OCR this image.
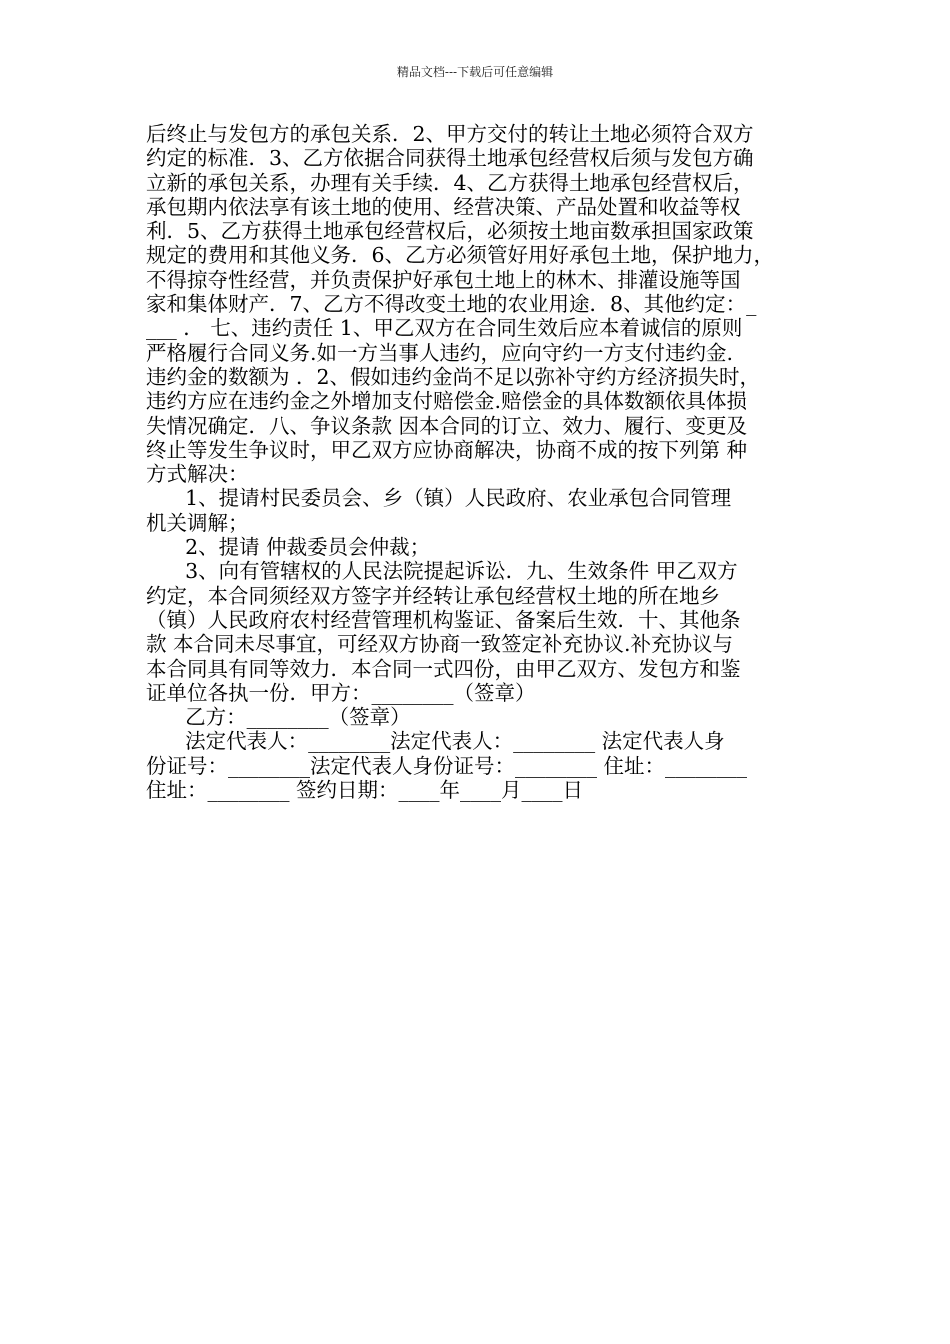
精品文档---下载后可任意编辑
后终止与发包方的承包关系．2、甲方交付的转让土地必须符合双方
约定的标准．3、乙方依据合同获得土地承包经营权后须与发包方确
立新的承包关系，办理有关手续．4、乙方获得土地承包经营权后，
承包期内依法享有该土地的使用、经营决策、产品处置和收益等权
利．5、乙方获得土地承包经营权后，必须按土地亩数承担国家政策
规定的费用和其他义务．6、乙方必须管好用好承包土地，保护地力，
不得掠夺性经营，并负责保护好承包土地上的林木、排灌设施等国
家和集体财产．7、乙方不得改变土地的农业用途．8、其他约定：_
___ ． 七、违约责任 1、甲乙双方在合同生效后应本着诚信的原则
严格履行合同义务.如一方当事人违约，应向守约一方支付违约金.
违约金的数额为 ．2、假如违约金尚不足以弥补守约方经济损失时，
违约方应在违约金之外增加支付赔偿金.赔偿金的具体数额依具体损
失情况确定．八、争议条款 因本合同的订立、效力、履行、变更及
终止等发生争议时，甲乙双方应协商解决，协商不成的按下列第 种
方式解决：
1、提请村民委员会、乡（镇）人民政府、农业承包合同管理
机关调解；
2、提请 仲裁委员会仲裁；
3、向有管辖权的人民法院提起诉讼．九、生效条件 甲乙双方
约定，本合同须经双方签字并经转让承包经营权土地的所在地乡
（镇）人民政府农村经营管理机构鉴证、备案后生效．十、其他条
款 本合同未尽事宜，可经双方协商一致签定补充协议.补充协议与
本合同具有同等效力．本合同一式四份，由甲乙双方、发包方和鉴
证单位各执一份．甲方：________（签章）
乙方：________（签章）
法定代表人：________法定代表人：________ 法定代表人身
份证号：________法定代表人身份证号：________ 住址：________
住址：________ 签约日期：____年____月____日
